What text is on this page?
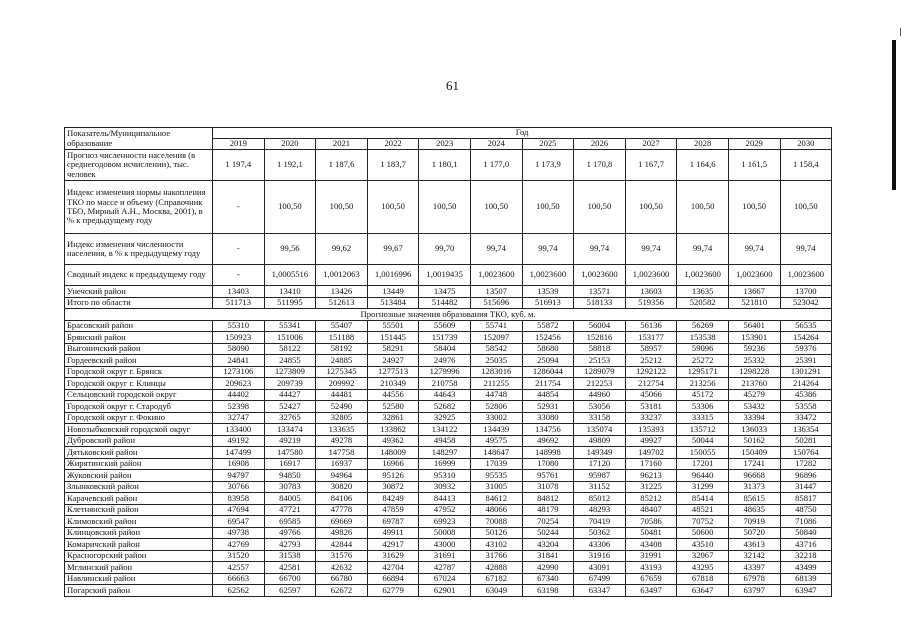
61
Показатель/Муниципальное образование	Год											
	2019	2020	2021	2022	2023	2024	2025	2026	2027	2028	2029	2030
Прогноз численности населения (в среднегодовом исчислении), тыс. человек	1 197,4	1 192,1	1 187,6	1 183,7	1 180,1	1 177,0	1 173,9	1 170,8	1 167,7	1 164,6	1 161,5	1 158,4
Индекс изменения нормы накопления ТКО по массе и объему (Справочник ТБО, Мирный А.Н., Москва, 2001), в % к предыдущему году	-	100,50	100,50	100,50	100,50	100,50	100,50	100,50	100,50	100,50	100,50	100,50
Индекс изменения численности населения, в % к предыдущему году	-	99,56	99,62	99,67	99,70	99,74	99,74	99,74	99,74	99,74	99,74	99,74
Сводный индекс к предыдущему году	-	1,0005516	1,0012063	1,0016996	1,0019435	1,0023600	1,0023600	1,0023600	1,0023600	1,0023600	1,0023600	1,0023600
Унечский район	13403	13410	13426	13449	13475	13507	13539	13571	13603	13635	13667	13700
Итого по области	511713	511995	512613	513484	514482	515696	516913	518133	519356	520582	521810	523042
Прогнозные значения образования ТКО, куб. м.												
Брасовский район	55310	55341	55407	55501	55609	55741	55872	56004	56136	56269	56401	56535
Брянский район	150923	151006	151188	151445	151739	152097	152456	152816	153177	153538	153901	154264
Выгоничский район	58090	58122	58192	58291	58404	58542	58680	58818	58957	59096	59236	59376
Гордеевский район	24841	24855	24885	24927	24976	25035	25094	25153	25212	25272	25332	25391
Городской округ г. Брянск	1273106	1273809	1275345	1277513	1279996	1283016	1286044	1289079	1292122	1295171	1298228	1301291
Городской округ г. Клинцы	209623	209739	209992	210349	210758	211255	211754	212253	212754	213256	213760	214264
Сельцовский городской округ	44402	44427	44481	44556	44643	44748	44854	44960	45066	45172	45279	45386
Городской округ г. Стародуб	52398	52427	52490	52580	52682	52806	52931	53056	53181	53306	53432	53558
Городской округ г. Фокино	32747	32765	32805	32861	32925	33002	33080	33158	33237	33315	33394	33472
Новозыбковский городской округ	133400	133474	133635	133862	134122	134439	134756	135074	135393	135712	136033	136354
Дубровский район	49192	49219	49278	49362	49458	49575	49692	49809	49927	50044	50162	50281
Дятьковский район	147499	147580	147758	148009	148297	148647	148998	149349	149702	150055	150409	150764
Жирятинский район	16908	16917	16937	16966	16999	17039	17080	17120	17160	17201	17241	17282
Жуковский район	94797	94850	94964	95126	95310	95535	95761	95987	96213	96440	96668	96896
Злынковский район	30766	30783	30820	30872	30932	31005	31078	31152	31225	31299	31373	31447
Карачевский район	83958	84005	84106	84249	84413	84612	84812	85012	85212	85414	85615	85817
Клетнянский район	47694	47721	47778	47859	47952	48066	48179	48293	48407	48521	48635	48750
Климовский район	69547	69585	69669	69787	69923	70088	70254	70419	70586	70752	70919	71086
Клинцовский район	49738	49766	49826	49911	50008	50126	50244	50362	50481	50600	50720	50840
Комаричский район	42769	42793	42844	42917	43000	43102	43204	43306	43408	43510	43613	43716
Красногорский район	31520	31538	31576	31629	31691	31766	31841	31916	31991	32067	32142	32218
Мглинский район	42557	42581	42632	42704	42787	42888	42990	43091	43193	43295	43397	43499
Навлинский район	66663	66700	66780	66894	67024	67182	67340	67499	67659	67818	67978	68139
Погарский район	62562	62597	62672	62779	62901	63049	63198	63347	63497	63647	63797	63947
